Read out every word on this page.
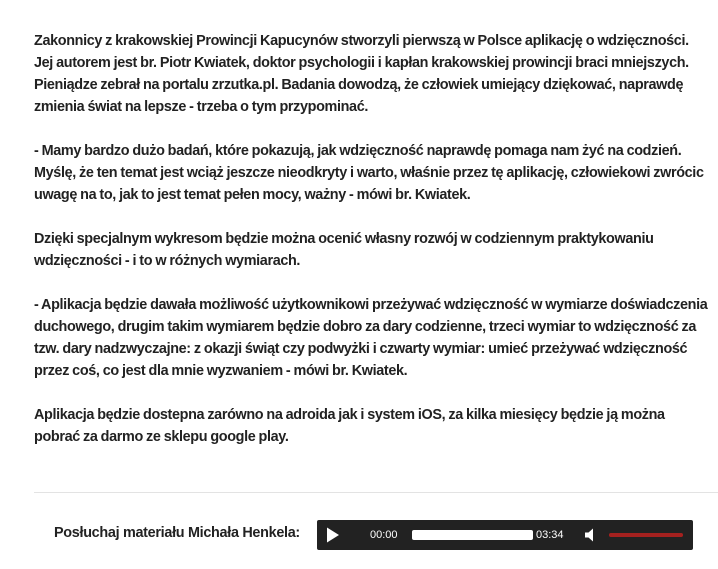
Zakonnicy z krakowskiej Prowincji Kapucynów stworzyli pierwszą w Polsce aplikację o wdzięczności. Jej autorem jest br. Piotr Kwiatek, doktor psychologii i kapłan krakowskiej prowincji braci mniejszych. Pieniądze zebrał na portalu zrzutka.pl. Badania dowodzą, że człowiek umiejący dziękować, naprawdę zmienia świat na lepsze - trzeba o tym przypominać.

- Mamy bardzo dużo badań, które pokazują, jak wdzięczność naprawdę pomaga nam żyć na codzień. Myślę, że ten temat jest wciąż jeszcze nieodkryty i warto, właśnie przez tę aplikację, człowiekowi zwrócic uwagę na to, jak to jest temat pełen mocy, ważny - mówi br. Kwiatek.

Dzięki specjalnym wykresom będzie można ocenić własny rozwój w codziennym praktykowaniu wdzięczności - i to w różnych wymiarach.

- Aplikacja będzie dawała możliwość użytkownikowi przeżywać wdzięczność w wymiarze doświadczenia duchowego, drugim takim wymiarem będzie dobro za dary codzienne, trzeci wymiar to wdzięczność za tzw. dary nadzwyczajne: z okazji świąt czy podwyżki i czwarty wymiar: umieć przeżywać wdzięczność przez coś, co jest dla mnie wyzwaniem - mówi br. Kwiatek.

Aplikacja będzie dostepna zarówno na adroida jak i system iOS, za kilka miesięcy będzie ją można pobrać za darmo ze sklepu google play.

Posłuchaj materiału Michała Henkela:	00:00	03:34
